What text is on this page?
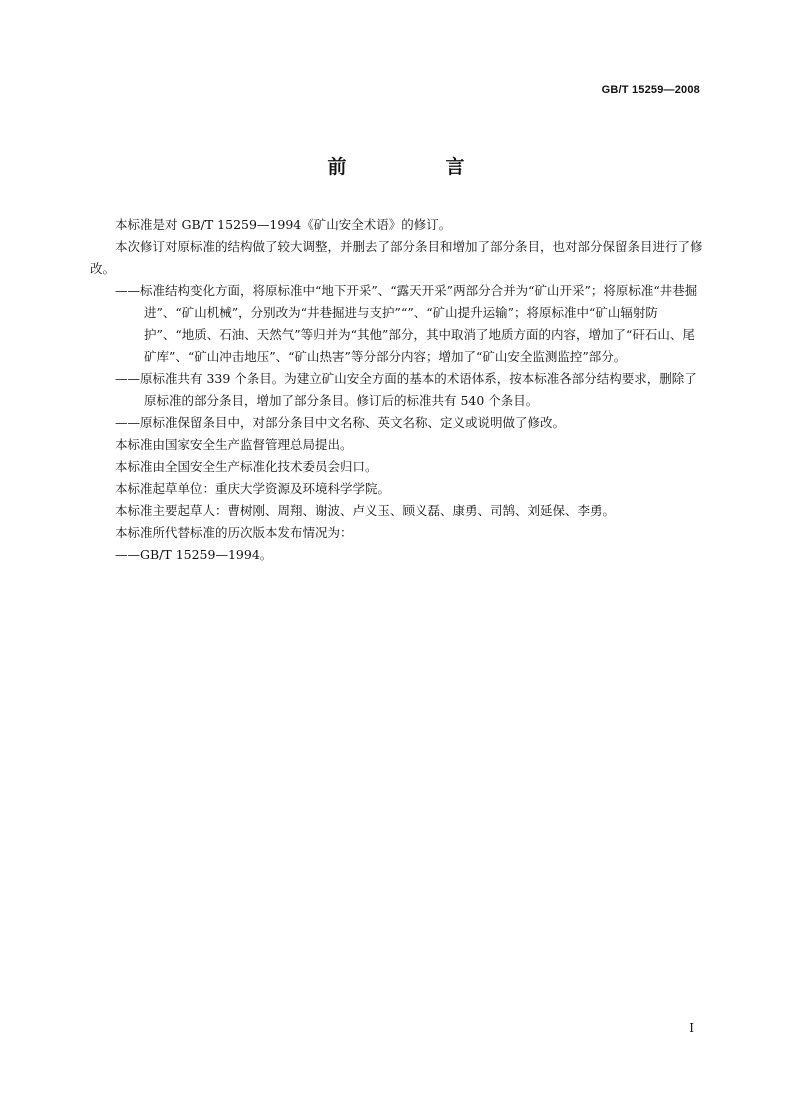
GB/T 15259—2008
前　言

本标准是对 GB/T 15259—1994《矿山安全术语》的修订。

本次修订对原标准的结构做了较大调整，并删去了部分条目和增加了部分条目，也对部分保留条目进行了修改。

——标准结构变化方面，将原标准中“地下开采”、“露天开采”两部分合并为“矿山开采”；将原标准“井巷掘进”、“矿山机械”，分别改为“井巷掘进与支护”“”、“矿山提升运输”；将原标准中“矿山辐射防护”、“地质、石油、天然气”等归并为“其他”部分，其中取消了地质方面的内容，增加了“矸石山、尾矿库”、“矿山冲击地压”、“矿山热害”等分部分内容；增加了“矿山安全监测监控”部分。

——原标准共有 339 个条目。为建立矿山安全方面的基本的术语体系，按本标准各部分结构要求，删除了原标准的部分条目，增加了部分条目。修订后的标准共有 540 个条目。

——原标准保留条目中，对部分条目中文名称、英文名称、定义或说明做了修改。

本标准由国家安全生产监督管理总局提出。

本标准由全国安全生产标准化技术委员会归口。

本标准起草单位：重庆大学资源及环境科学学院。

本标准主要起草人：曹树刚、周翔、谢波、卢义玉、顾义磊、康勇、司鹄、刘延保、李勇。

本标准所代替标准的历次版本发布情况为：

——GB/T 15259—1994。

I
